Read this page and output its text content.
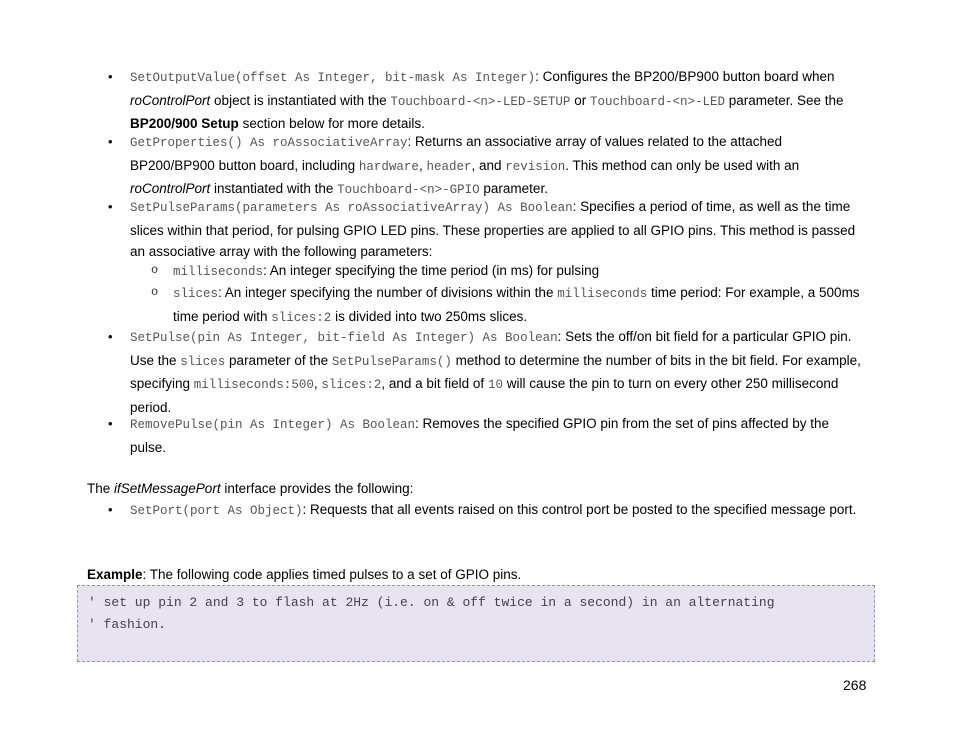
• SetOutputValue(offset As Integer, bit-mask As Integer): Configures the BP200/BP900 button board when roControlPort object is instantiated with the Touchboard-<n>-LED-SETUP or Touchboard-<n>-LED parameter. See the BP200/900 Setup section below for more details.
• GetProperties() As roAssociativeArray: Returns an associative array of values related to the attached BP200/BP900 button board, including hardware, header, and revision. This method can only be used with an roControlPort instantiated with the Touchboard-<n>-GPIO parameter.
• SetPulseParams(parameters As roAssociativeArray) As Boolean: Specifies a period of time, as well as the time slices within that period, for pulsing GPIO LED pins. These properties are applied to all GPIO pins. This method is passed an associative array with the following parameters:
o milliseconds: An integer specifying the time period (in ms) for pulsing
o slices: An integer specifying the number of divisions within the milliseconds time period: For example, a 500ms time period with slices:2 is divided into two 250ms slices.
• SetPulse(pin As Integer, bit-field As Integer) As Boolean: Sets the off/on bit field for a particular GPIO pin. Use the slices parameter of the SetPulseParams() method to determine the number of bits in the bit field. For example, specifying milliseconds:500, slices:2, and a bit field of 10 will cause the pin to turn on every other 250 millisecond period.
• RemovePulse(pin As Integer) As Boolean: Removes the specified GPIO pin from the set of pins affected by the pulse.
The ifSetMessagePort interface provides the following:
• SetPort(port As Object): Requests that all events raised on this control port be posted to the specified message port.
Example: The following code applies timed pulses to a set of GPIO pins.
' set up pin 2 and 3 to flash at 2Hz (i.e. on & off twice in a second) in an alternating
' fashion.
268
